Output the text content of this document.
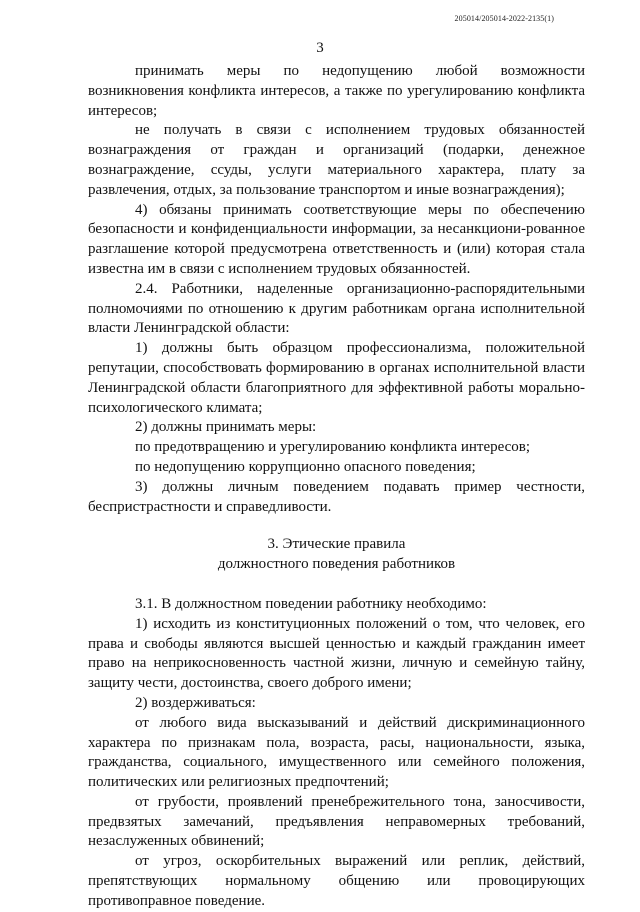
205014/205014-2022-2135(1)
3

принимать меры по недопущению любой возможности возникновения конфликта интересов, а также по урегулированию конфликта интересов;

не получать в связи с исполнением трудовых обязанностей вознаграждения от граждан и организаций (подарки, денежное вознаграждение, ссуды, услуги материального характера, плату за развлечения, отдых, за пользование транспортом и иные вознаграждения);

4) обязаны принимать соответствующие меры по обеспечению безопасности и конфиденциальности информации, за несанкциони-рованное разглашение которой предусмотрена ответственность и (или) которая стала известна им в связи с исполнением трудовых обязанностей.

2.4. Работники, наделенные организационно-распорядительными полномочиями по отношению к другим работникам органа исполнительной власти Ленинградской области:

1) должны быть образцом профессионализма, положительной репутации, способствовать формированию в органах исполнительной власти Ленинградской области благоприятного для эффективной работы морально-психологического климата;

2) должны принимать меры:

по предотвращению и урегулированию конфликта интересов;

по недопущению коррупционно опасного поведения;

3) должны личным поведением подавать пример честности, беспристрастности и справедливости.

3. Этические правила

должностного поведения работников

3.1. В должностном поведении работнику необходимо:

1) исходить из конституционных положений о том, что человек, его права и свободы являются высшей ценностью и каждый гражданин имеет право на неприкосновенность частной жизни, личную и семейную тайну, защиту чести, достоинства, своего доброго имени;

2) воздерживаться:

от любого вида высказываний и действий дискриминационного характера по признакам пола, возраста, расы, национальности, языка, гражданства, социального, имущественного или семейного положения, политических или религиозных предпочтений;

от грубости, проявлений пренебрежительного тона, заносчивости, предвзятых замечаний, предъявления неправомерных требований, незаслуженных обвинений;

от угроз, оскорбительных выражений или реплик, действий, препятствующих нормальному общению или провоцирующих противоправное поведение.
